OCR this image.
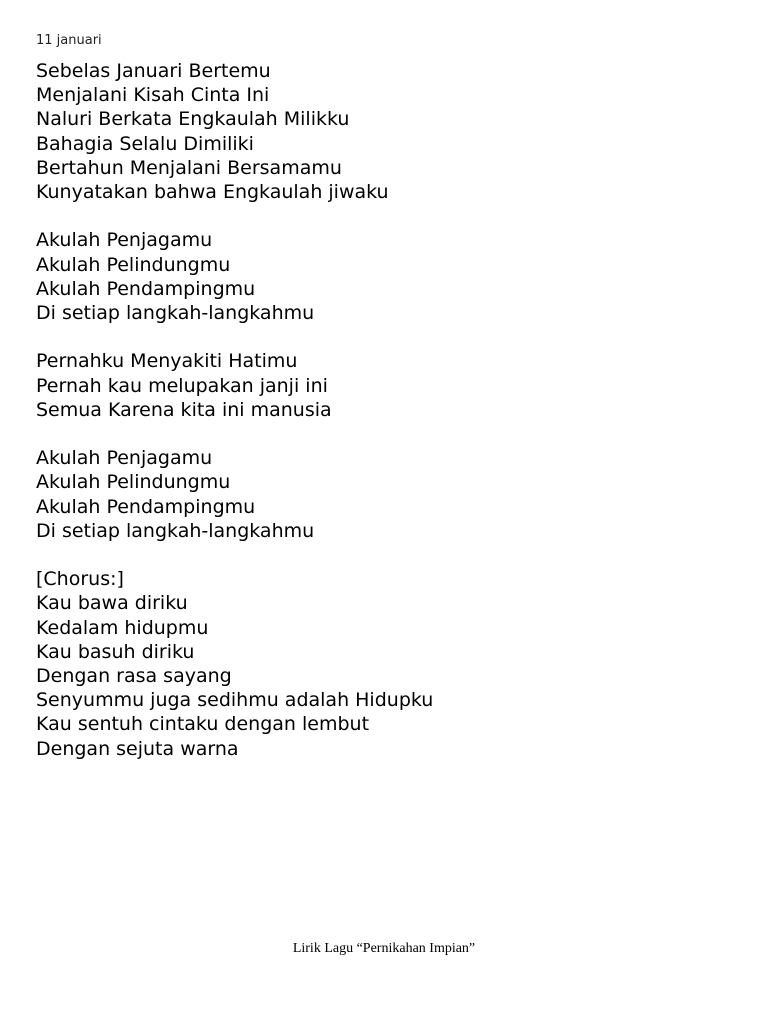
11 januari
Sebelas Januari Bertemu
Menjalani Kisah Cinta Ini
Naluri Berkata Engkaulah Milikku
Bahagia Selalu Dimiliki
Bertahun Menjalani Bersamamu
Kunyatakan bahwa Engkaulah jiwaku
Akulah Penjagamu
Akulah Pelindungmu
Akulah Pendampingmu
Di setiap langkah-langkahmu
Pernahku Menyakiti Hatimu
Pernah kau melupakan janji ini
Semua Karena kita ini manusia
Akulah Penjagamu
Akulah Pelindungmu
Akulah Pendampingmu
Di setiap langkah-langkahmu
[Chorus:]
Kau bawa diriku
Kedalam hidupmu
Kau basuh diriku
Dengan rasa sayang
Senyummu juga sedihmu adalah Hidupku
Kau sentuh cintaku dengan lembut
Dengan sejuta warna
Lirik Lagu “Pernikahan Impian”
